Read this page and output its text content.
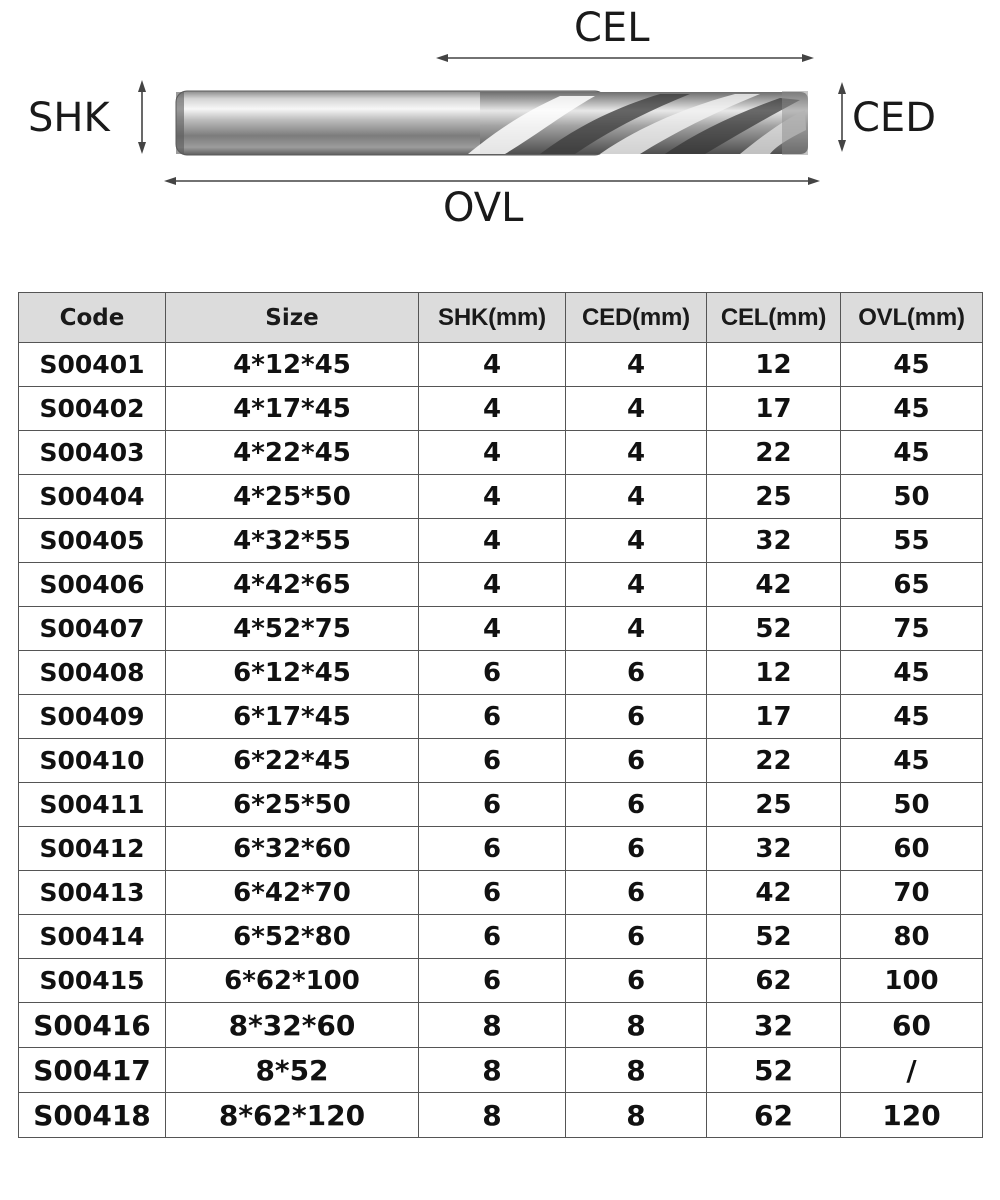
CEL
SHK	CED
OVL
Code	Size	SHK(mm)	CED(mm)	CEL(mm)	OVL(mm)
S00401	4*12*45	4	4	12	45
S00402	4*17*45	4	4	17	45
S00403	4*22*45	4	4	22	45
S00404	4*25*50	4	4	25	50
S00405	4*32*55	4	4	32	55
S00406	4*42*65	4	4	42	65
S00407	4*52*75	4	4	52	75
S00408	6*12*45	6	6	12	45
S00409	6*17*45	6	6	17	45
S00410	6*22*45	6	6	22	45
S00411	6*25*50	6	6	25	50
S00412	6*32*60	6	6	32	60
S00413	6*42*70	6	6	42	70
S00414	6*52*80	6	6	52	80
S00415	6*62*100	6	6	62	100
S00416	8*32*60	8	8	32	60
S00417	8*52	8	8	52	/
S00418	8*62*120	8	8	62	120
